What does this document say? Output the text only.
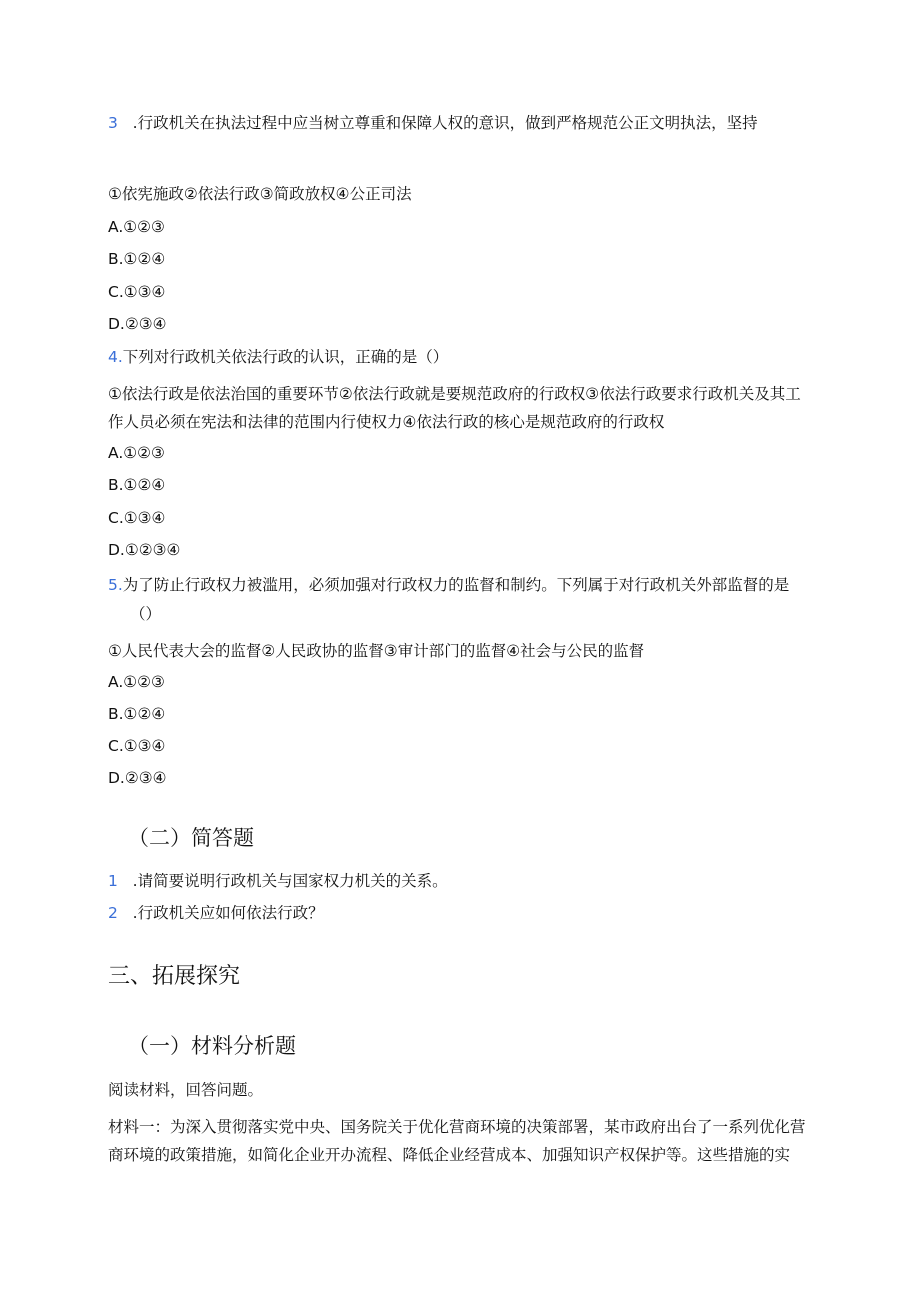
3 .行政机关在执法过程中应当树立尊重和保障人权的意识，做到严格规范公正文明执法，坚持
①依宪施政②依法行政③简政放权④公正司法
A.①②③
B.①②④
C.①③④
D.②③④
4.下列对行政机关依法行政的认识，正确的是（）
①依法行政是依法治国的重要环节②依法行政就是要规范政府的行政权③依法行政要求行政机关及其工
作人员必须在宪法和法律的范围内行使权力④依法行政的核心是规范政府的行政权
A.①②③
B.①②④
C.①③④
D.①②③④
5.为了防止行政权力被滥用，必须加强对行政权力的监督和制约。下列属于对行政机关外部监督的是
（）
①人民代表大会的监督②人民政协的监督③审计部门的监督④社会与公民的监督
A.①②③
B.①②④
C.①③④
D.②③④
（二）简答题
1 .请简要说明行政机关与国家权力机关的关系。
2 .行政机关应如何依法行政？
三、拓展探究
（一）材料分析题
阅读材料，回答问题。
材料一：为深入贯彻落实党中央、国务院关于优化营商环境的决策部署，某市政府出台了一系列优化营
商环境的政策措施，如简化企业开办流程、降低企业经营成本、加强知识产权保护等。这些措施的实
